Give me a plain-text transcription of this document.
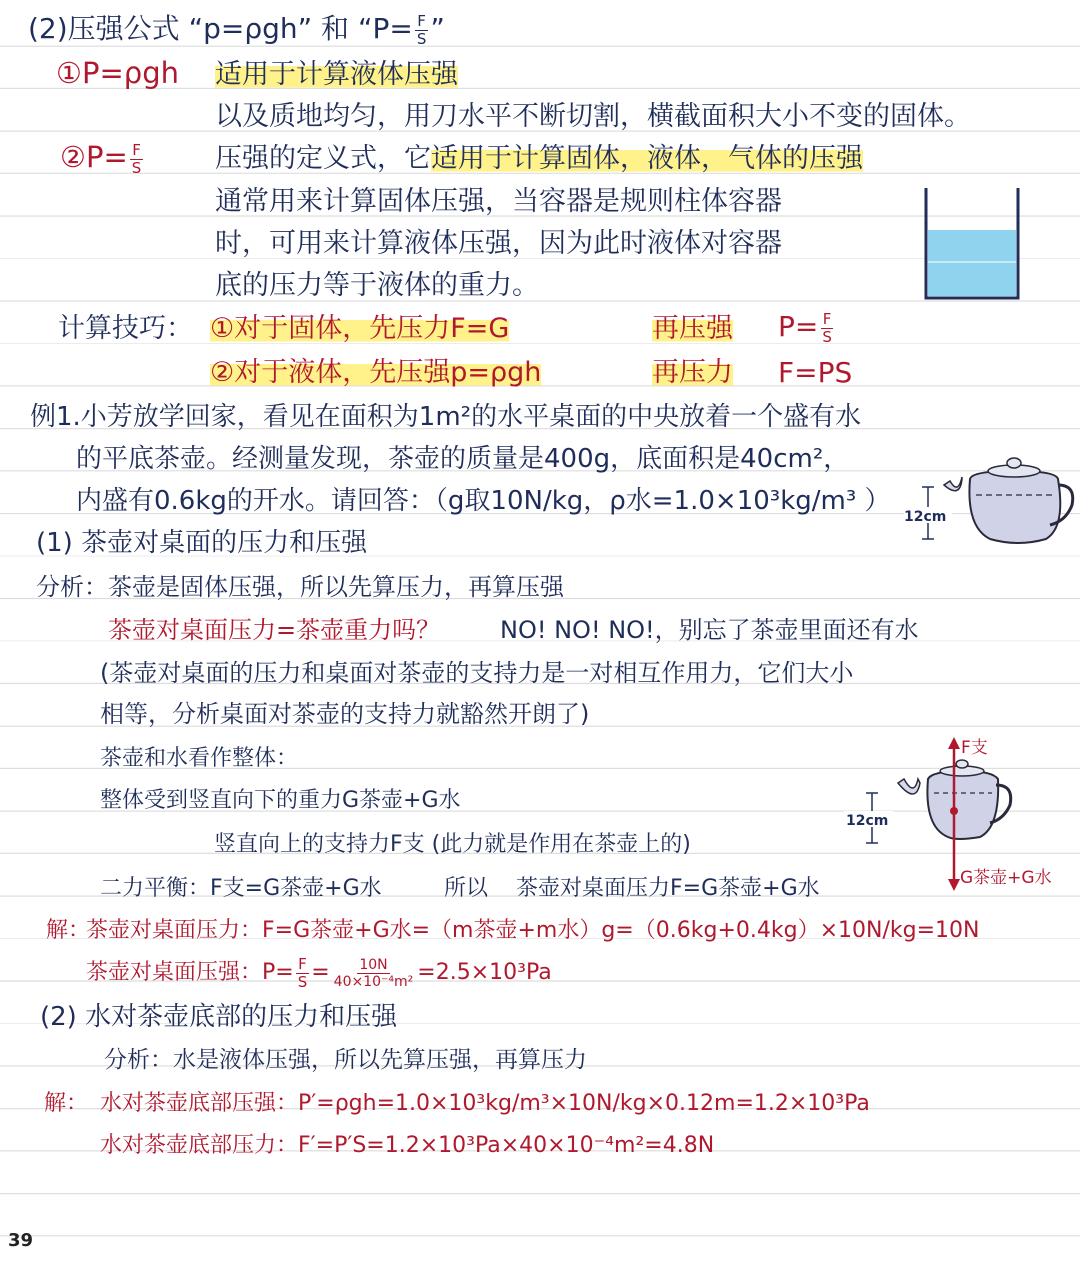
(2)压强公式 “p=ρgh” 和 “$P= \frac{F}{S}$ ”
①P=ρgh 适用于计算液体压强
以及质地均匀，用刀水平不断切割，横截面积大小不变的固体。
②P= $\frac{F}{S}$	压强的定义式，它适用于计算固体，液体，气体的压强
通常用来计算固体压强，当容器是规则柱体容器
时，可用来计算液体压强，因为此时液体对容器
底的压力等于液体的重力。
计算技巧： ①对于固体，先压力F=G	再压强 $P= \frac{F}{S}$
②对于液体，先压强p=ρgh	再压力 F=PS
例1.小芳放学回家，看见在面积为1m²的水平桌面的中央放着一个盛有水
的平底茶壶。经测量发现，茶壶的质量是400g，底面积是40cm²，
内盛有0.6kg的开水。请回答：（g取10N/kg，ρ水=1.0×10³kg/m³ ）
12cm
(1) 茶壶对桌面的压力和压强
分析：茶壶是固体压强，所以先算压力，再算压强
茶壶对桌面压力=茶壶重力吗？ NO! NO! NO!，别忘了茶壶里面还有水
(茶壶对桌面的压力和桌面对茶壶的支持力是一对相互作用力，它们大小
相等，分析桌面对茶壶的支持力就豁然开朗了)
茶壶和水看作整体：
整体受到竖直向下的重力G茶壶+G水
竖直向上的支持力F支 (此力就是作用在茶壶上的)
二力平衡：F支=G茶壶+G水	所以 茶壶对桌面压力F=G茶壶+G水
12cm
F支
G茶壶+G水
解：
茶壶对桌面压力：F=G茶壶+G水=（m茶壶+m水）g=（0.6kg+0.4kg）×10N/kg=10N
茶壶对桌面压强：$P= \frac{F}{S} = \frac{10N}{\text{40×10⁻⁴m²}} =2.5\times 10^3Pa$
(2) 水对茶壶底部的压力和压强
分析：水是液体压强，所以先算压强，再算压力
解： 水对茶壶底部压强：P′=ρgh=1.0×10³kg/m³×10N/kg×0.12m=1.2×10³Pa
水对茶壶底部压力：F′=P′S=1.2×10³Pa×40×10⁻⁴m²=4.8N
39
